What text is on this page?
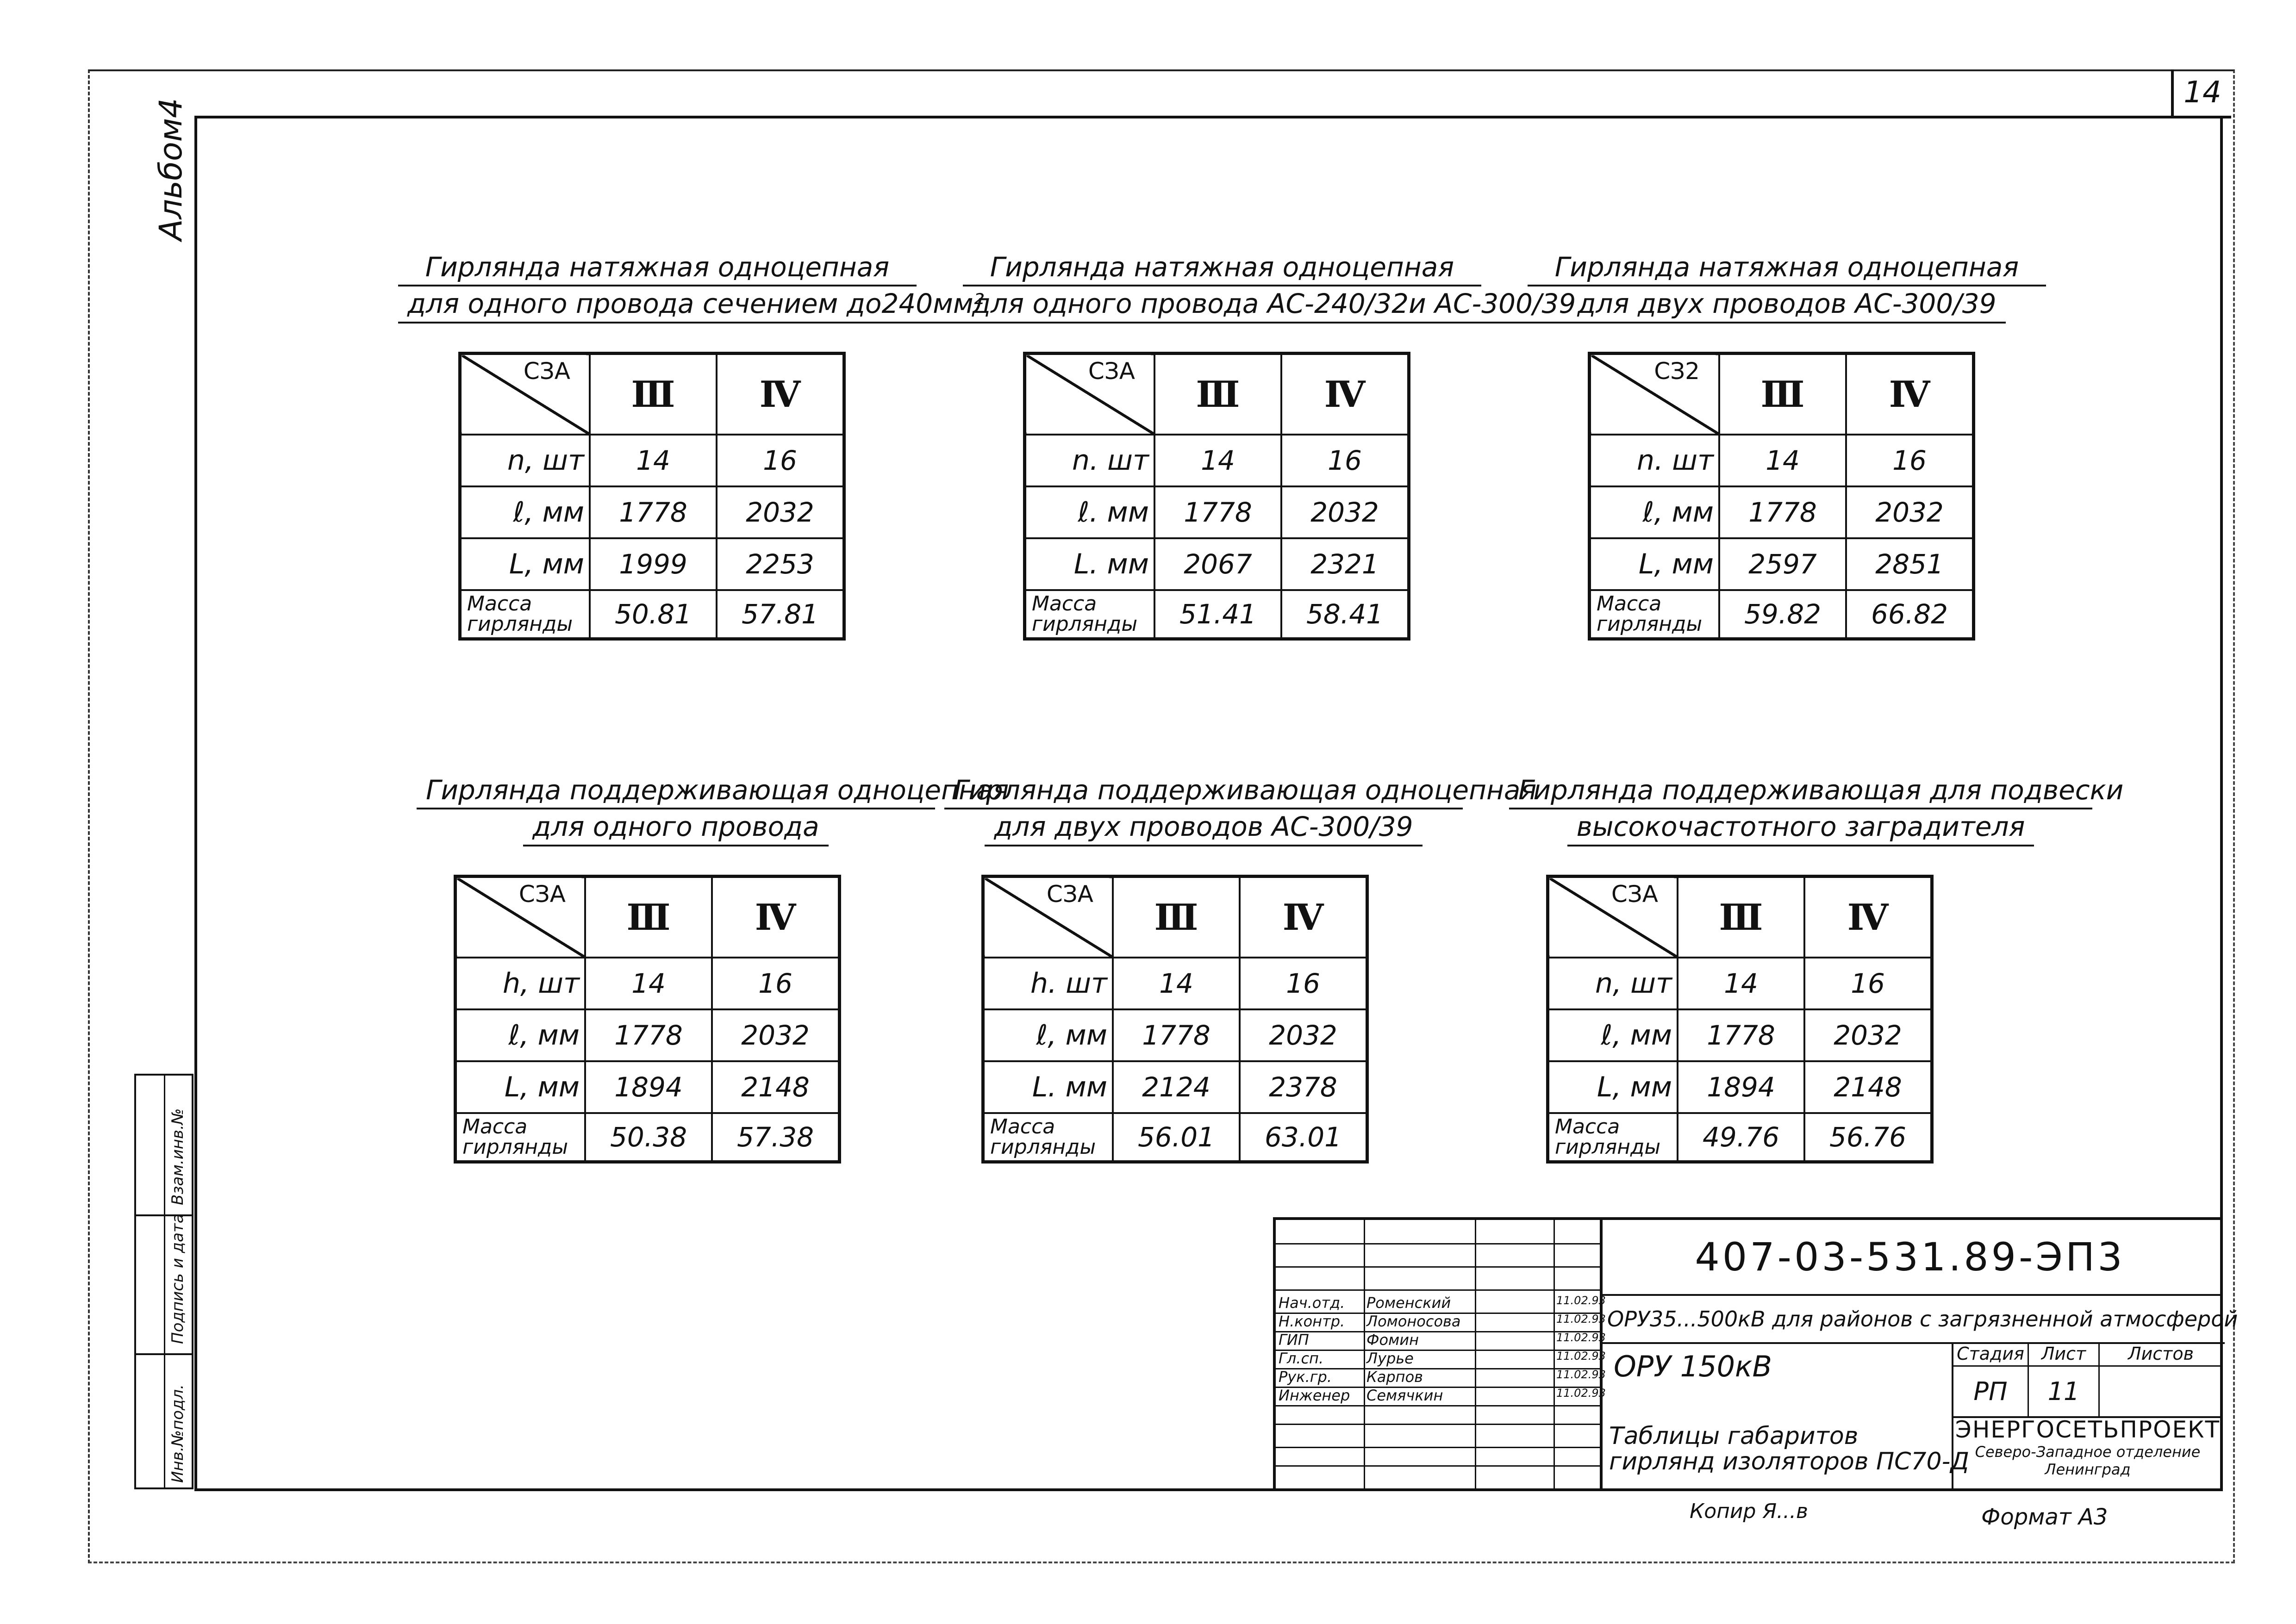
14
Альбом4
Инв.№подл.
Подпись и дата
Взам.инв.№
Гирлянда натяжная одноцепная
для одного провода сечением до240мм²
СЗА	Ⅲ	Ⅳ
n, шт	14	16
ℓ, мм	1778	2032
L, мм	1999	2253
Масса гирлянды	50.81	57.81
Гирлянда натяжная одноцепная
для одного провода АС-240/32и АС-300/39
СЗА	Ⅲ	Ⅳ
n. шт	14	16
ℓ. мм	1778	2032
L. мм	2067	2321
Масса гирлянды	51.41	58.41
Гирлянда натяжная одноцепная
для двух проводов АС-300/39
СЗ2	Ⅲ	Ⅳ
n. шт	14	16
ℓ, мм	1778	2032
L, мм	2597	2851
Масса гирлянды	59.82	66.82
Гирлянда поддерживающая одноцепная
для одного провода
СЗА	Ⅲ	Ⅳ
h, шт	14	16
ℓ, мм	1778	2032
L, мм	1894	2148
Масса гирлянды	50.38	57.38
Гирлянда поддерживающая одноцепная
для двух проводов АС-300/39
СЗА	Ⅲ	Ⅳ
h. шт	14	16
ℓ, мм	1778	2032
L. мм	2124	2378
Масса гирлянды	56.01	63.01
Гирлянда поддерживающая для подвески
высокочастотного заградителя
СЗА	Ⅲ	Ⅳ
n, шт	14	16
ℓ, мм	1778	2032
L, мм	1894	2148
Масса гирлянды	49.76	56.76
Нач.отд. Роменский	11.02.93
Н.контр. Ломоносова	11.02.93
ГИП	Фомин	11.02.93
Гл.сп.	Лурье	11.02.93
Рук.гр. Карпов	11.02.93
Инженер Семячкин	11.02.93
407-03-531.89-ЭП3
ОРУ35...500кВ для районов с загрязненной атмосферой
ОРУ 150кВ	Стадия Лист	Листов
РП	11
Таблицы габаритов
гирлянд изоляторов ПС70-Д
ЭНЕРГОСЕТЬПРОЕКТ
Северо-Западное отделение
Ленинград
Копир Я...в	Формат А3
